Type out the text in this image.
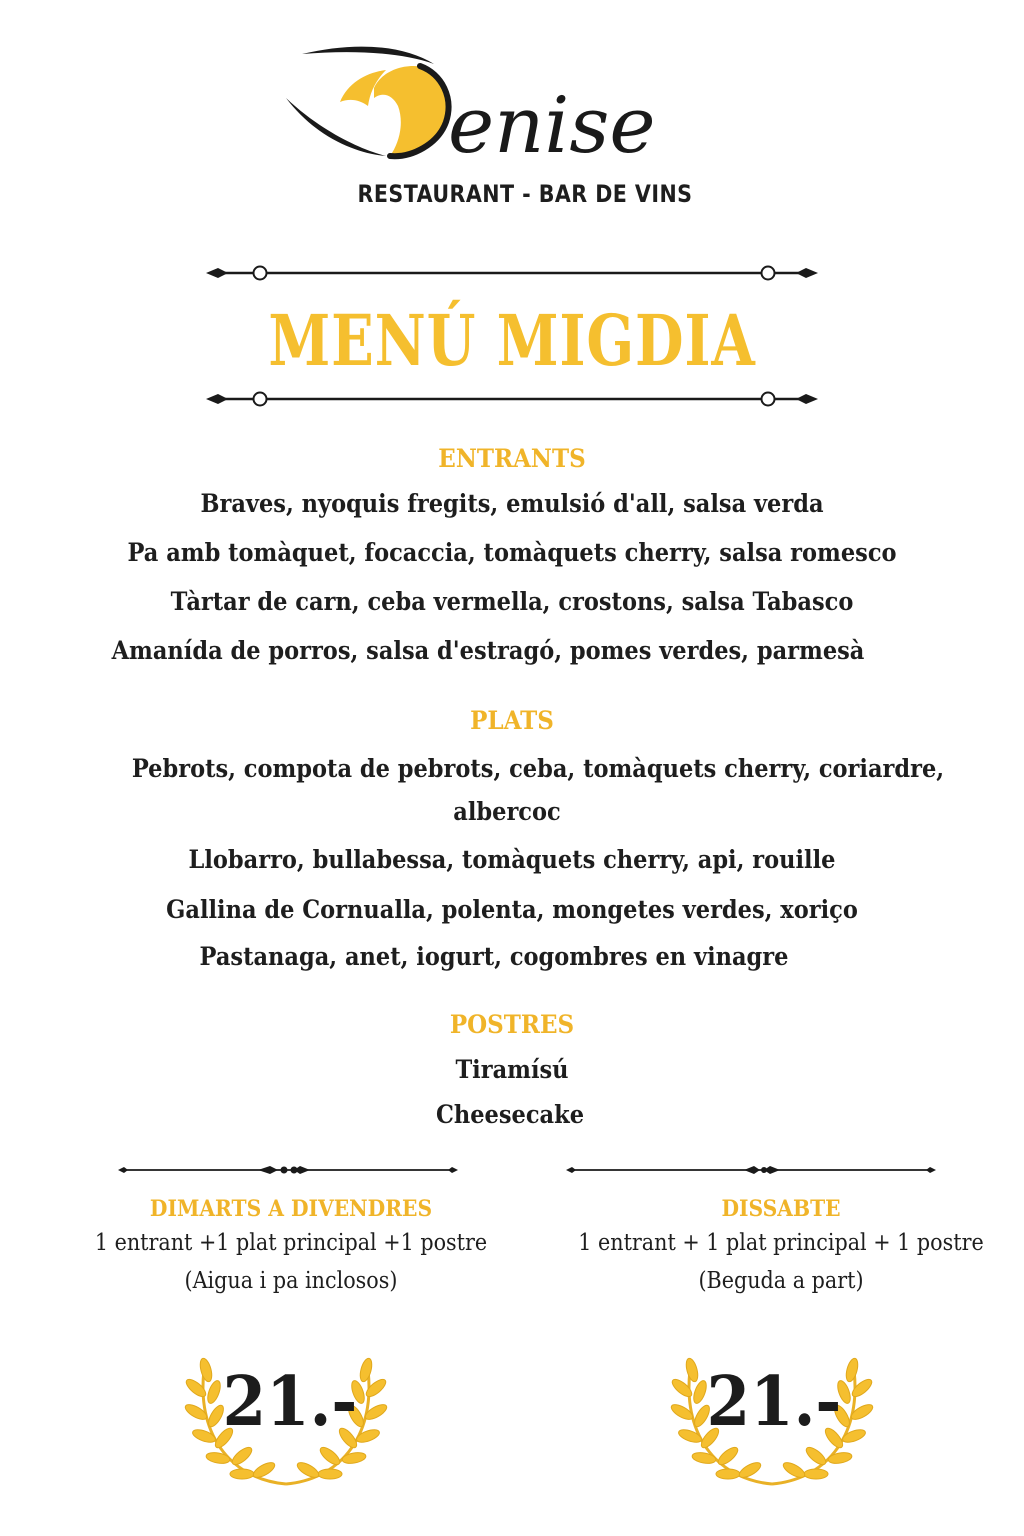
enise
RESTAURANT - BAR DE VINS
MENÚ MIGDIA
ENTRANTS
Braves, nyoquis fregits, emulsió d'all, salsa verda
Pa amb tomàquet, focaccia, tomàquets cherry, salsa romesco
Tàrtar de carn, ceba vermella, crostons, salsa Tabasco
Amanída de porros, salsa d'estragó, pomes verdes, parmesà
PLATS
Pebrots, compota de pebrots, ceba, tomàquets cherry, coriardre,
albercoc
Llobarro, bullabessa, tomàquets cherry, api, rouille
Gallina de Cornualla, polenta, mongetes verdes, xoriço
Pastanaga, anet, iogurt, cogombres en vinagre
POSTRES
Tiramísú
Cheesecake
DIMARTS A DIVENDRES
1 entrant +1 plat principal +1 postre
(Aigua i pa inclosos)
DISSABTE
1 entrant + 1 plat principal + 1 postre
(Beguda a part)
21.-	21.-
